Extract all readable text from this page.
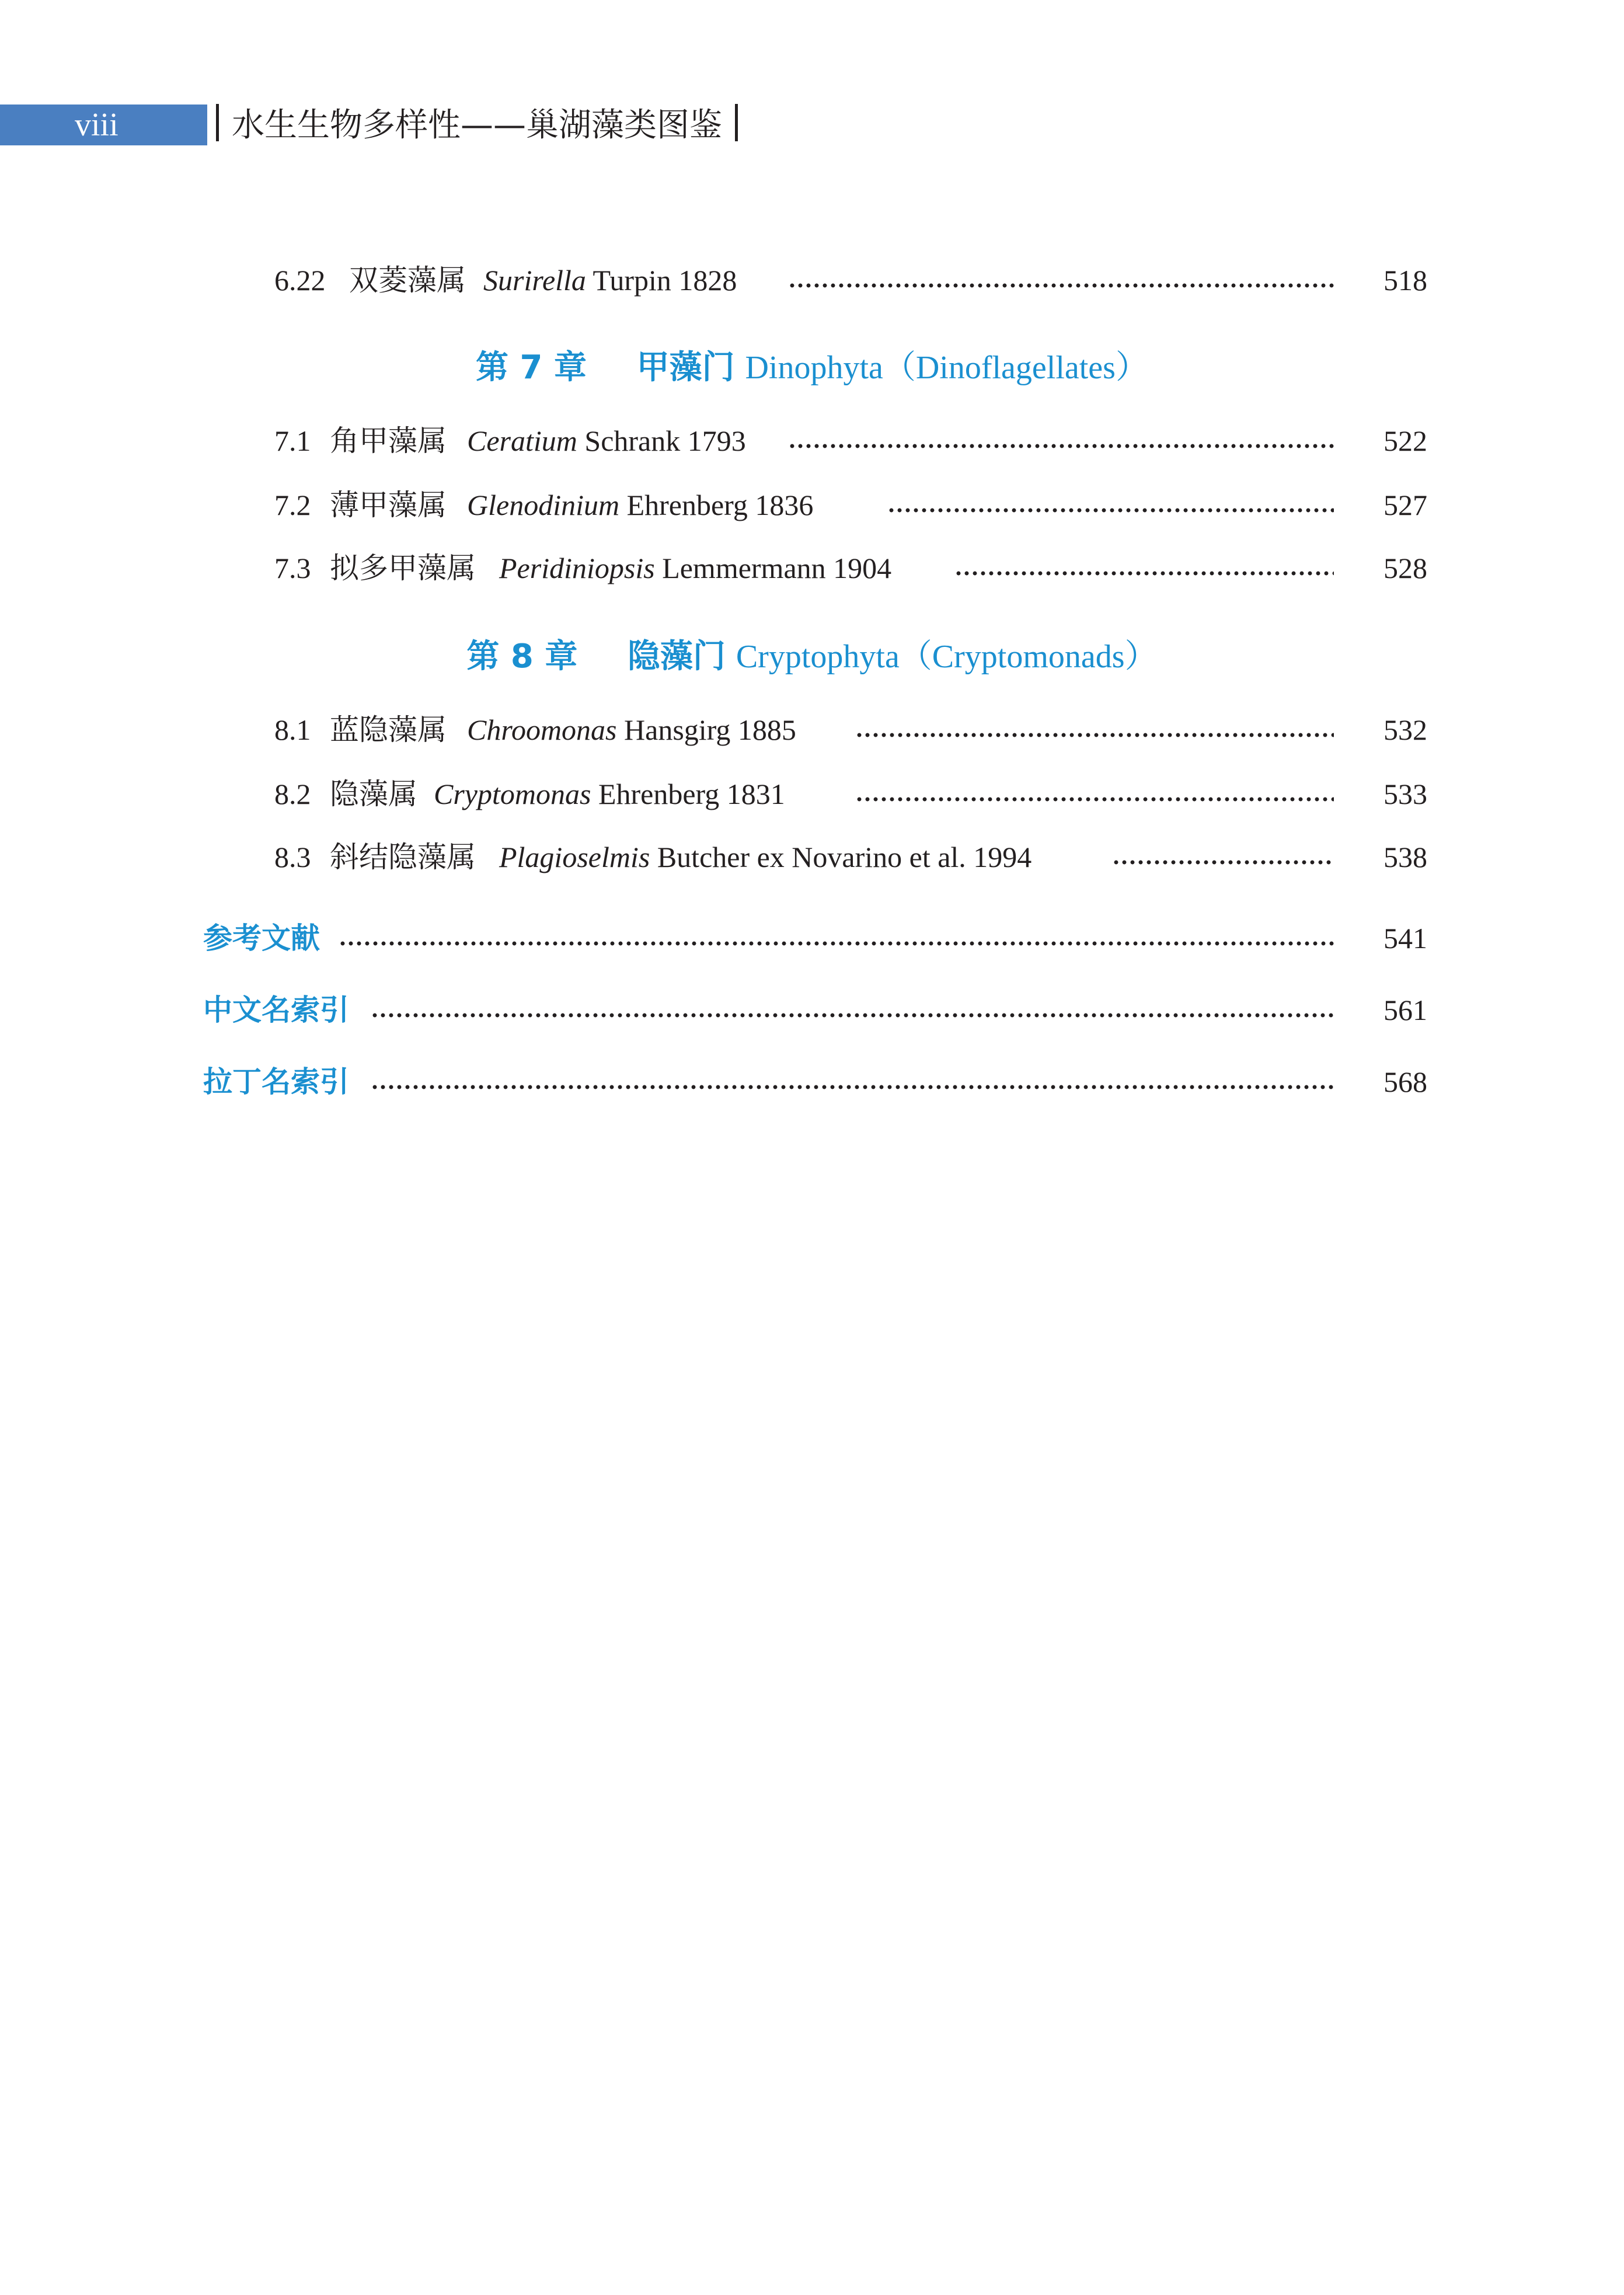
viii	水生生物多样性——巢湖藻类图鉴
6.22 双菱藻属 Surirella Turpin 1828	518
第 7 章 甲藻门 Dinophyta（Dinoflagellates）
7.1 角甲藻属 Ceratium Schrank 1793	522
7.2 薄甲藻属 Glenodinium Ehrenberg 1836	527
7.3 拟多甲藻属 Peridiniopsis Lemmermann 1904	528
第 8 章 隐藻门 Cryptophyta（Cryptomonads）
8.1 蓝隐藻属 Chroomonas Hansgirg 1885	532
8.2 隐藻属 Cryptomonas Ehrenberg 1831	533
8.3 斜结隐藻属 Plagioselmis Butcher ex Novarino et al. 1994	538
参考文献	541
中文名索引	561
拉丁名索引	568
